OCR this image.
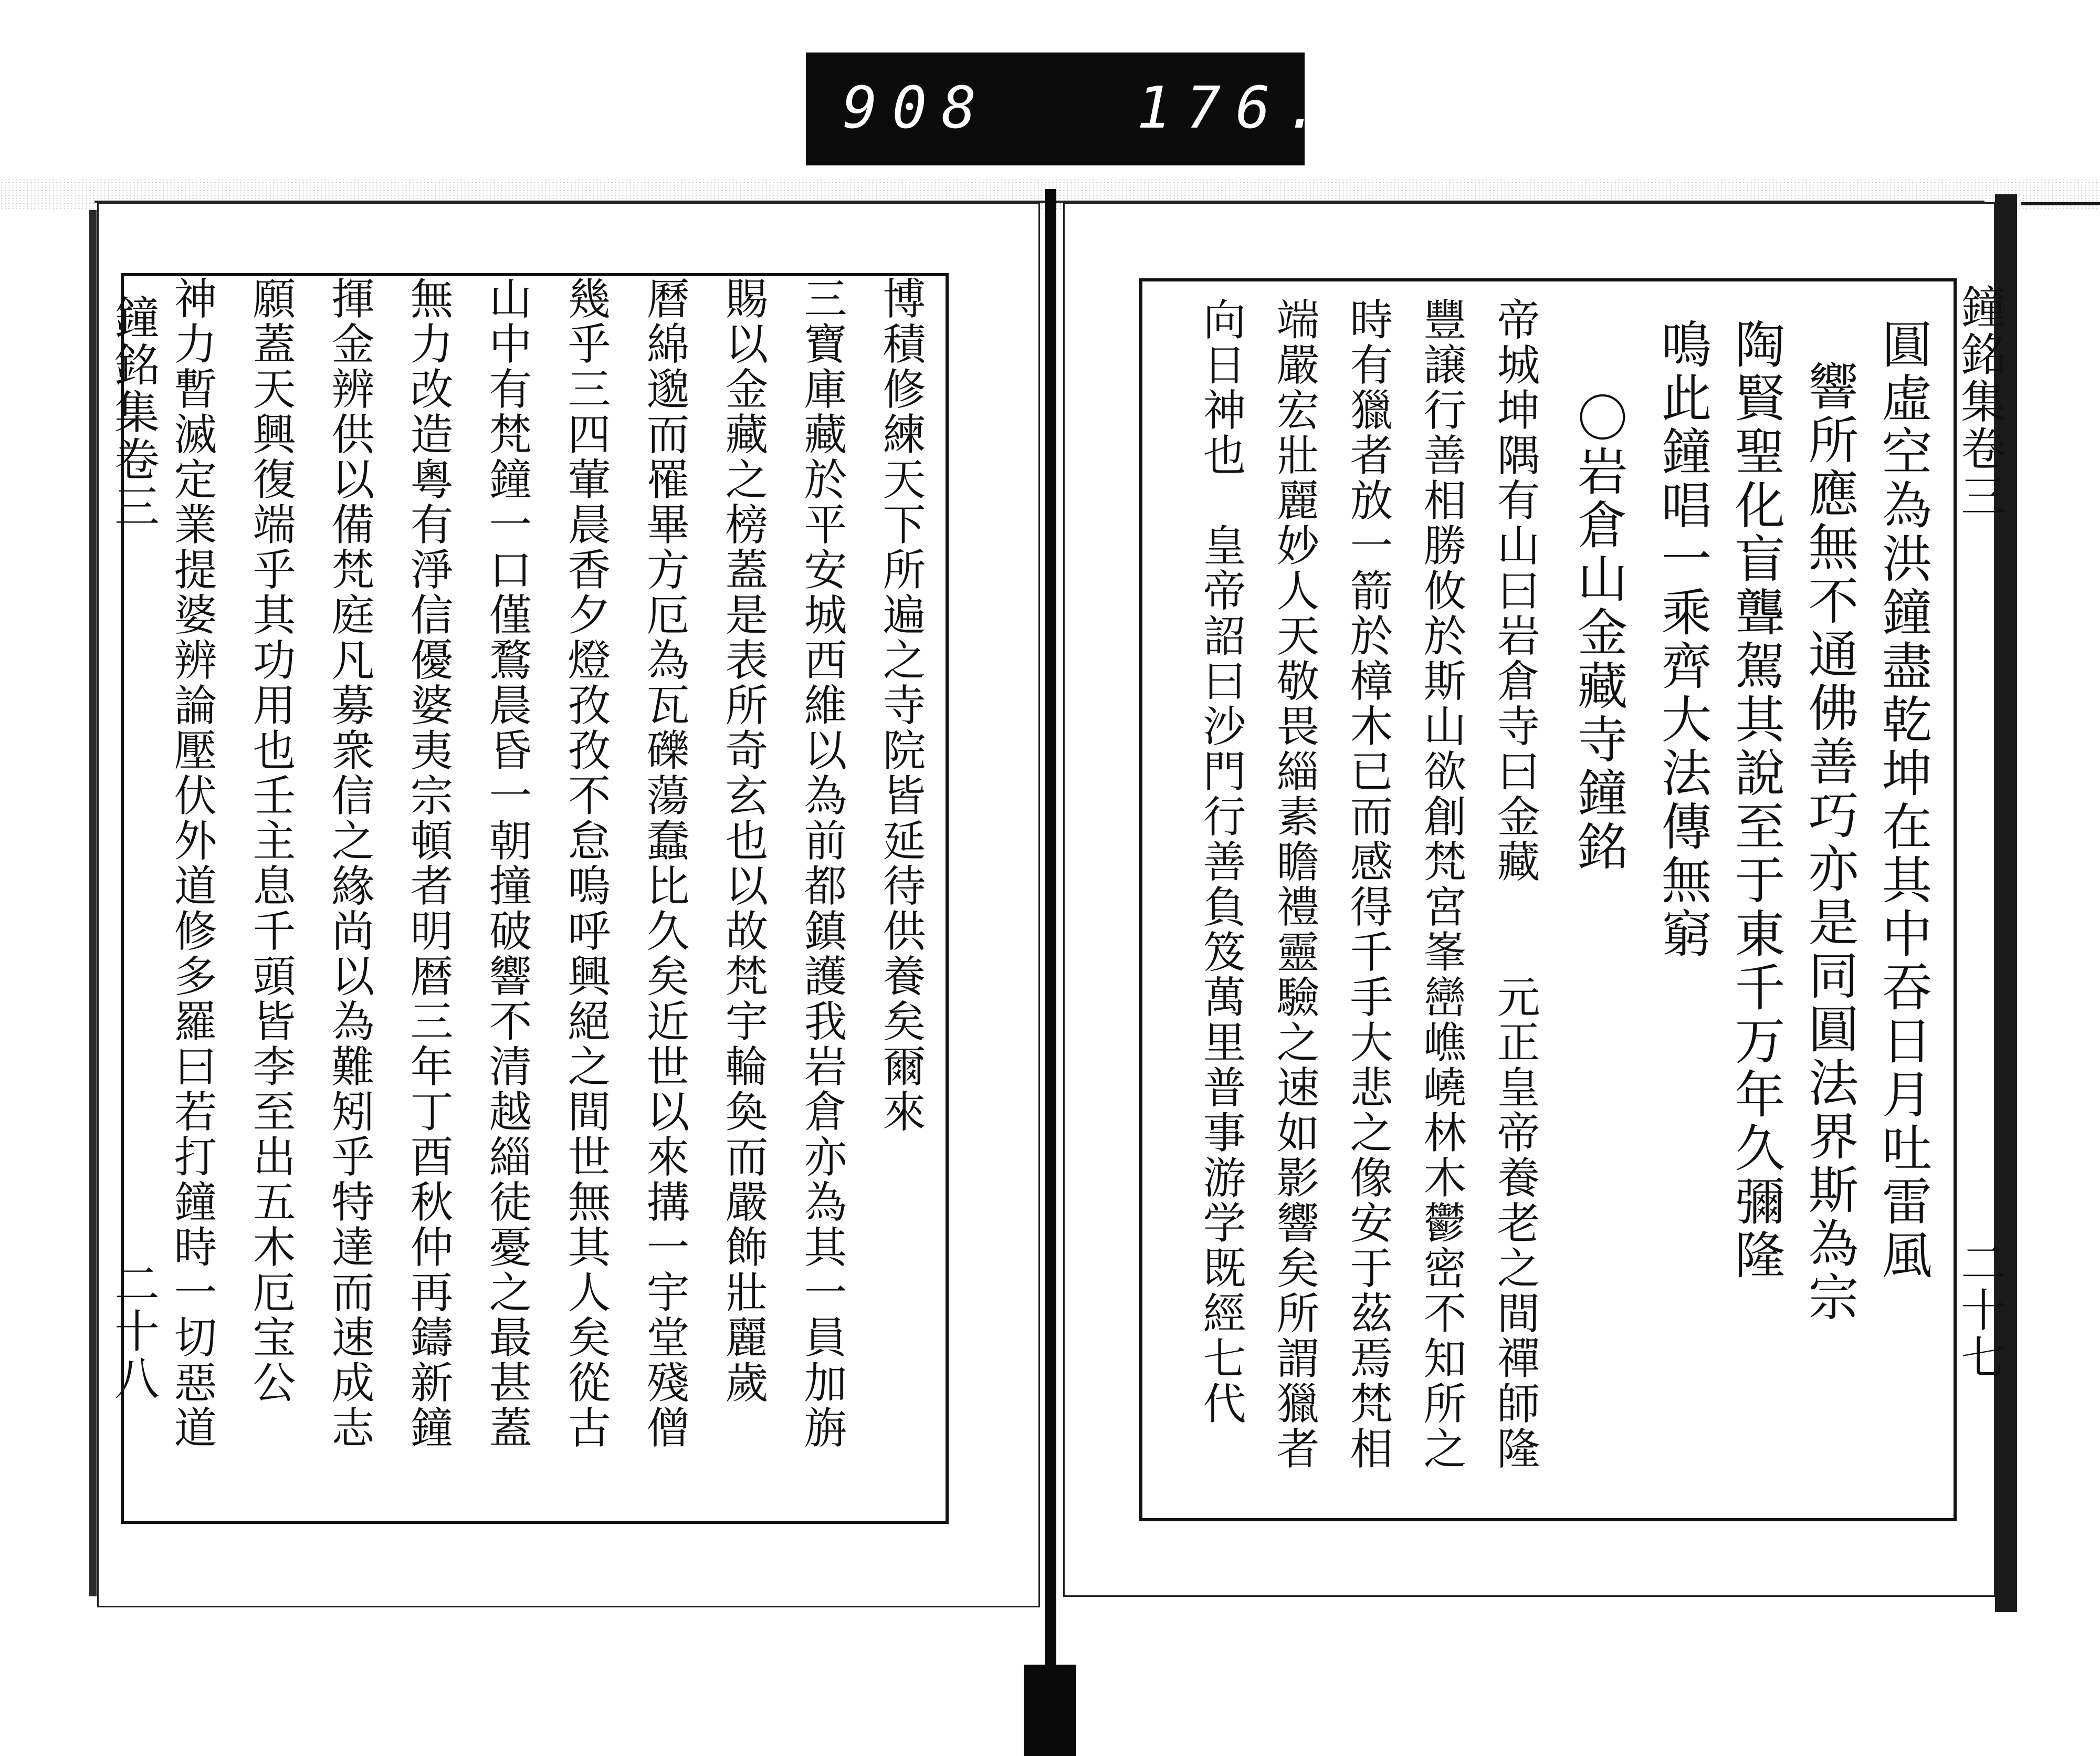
908	176.
鐘銘集卷三
二十八
博積修練天下所遍之寺院皆延待供養矣爾來
三寶庫藏於平安城西維以為前都鎮護我岩倉亦為其一員加旃
賜以金藏之榜蓋是表所奇玄也以故梵宇輪奐而嚴飾壯麗歲
曆綿邈而罹畢方厄為瓦礫蕩蠢比久矣近世以來搆一宇堂殘僧
幾乎三四葷晨香夕燈孜孜不怠嗚呼興絕之間世無其人矣從古
山中有梵鐘一口僅鶩晨昏一朝撞破響不清越緇徒憂之最甚蓋
無力改造粵有淨信優婆夷宗頓者明暦三年丁酉秋仲再鑄新鐘
揮金辨供以備梵庭凡募衆信之緣尚以為難矧乎特達而速成志
願蓋天興復端乎其功用也壬主息千頭皆李至出五木厄宝公
神力暫滅定業提婆辨論壓伏外道修多羅曰若打鐘時一切惡道	鐘銘集卷三
二十七
圓虛空為洪鐘盡乾坤在其中吞日月吐雷風
響所應無不通佛善巧亦是同圓法界斯為宗
陶賢聖化盲聾駕其說至于東千万年久彌隆
鳴此鐘唱一乘齊大法傳無窮
〇岩倉山金藏寺鐘銘
帝城坤隅有山曰岩倉寺曰金藏　　元正皇帝養老之間禪師隆
豐譲行善相勝攸於斯山欲創梵宮峯巒嶕嶢林木鬱密不知所之
時有獵者放一箭於樟木已而感得千手大悲之像安于茲焉梵相
端嚴宏壯麗妙人天敬畏緇素瞻禮靈驗之速如影響矣所謂獵者
向日神也　皇帝詔曰沙門行善負笈萬里普事游学既經七代
